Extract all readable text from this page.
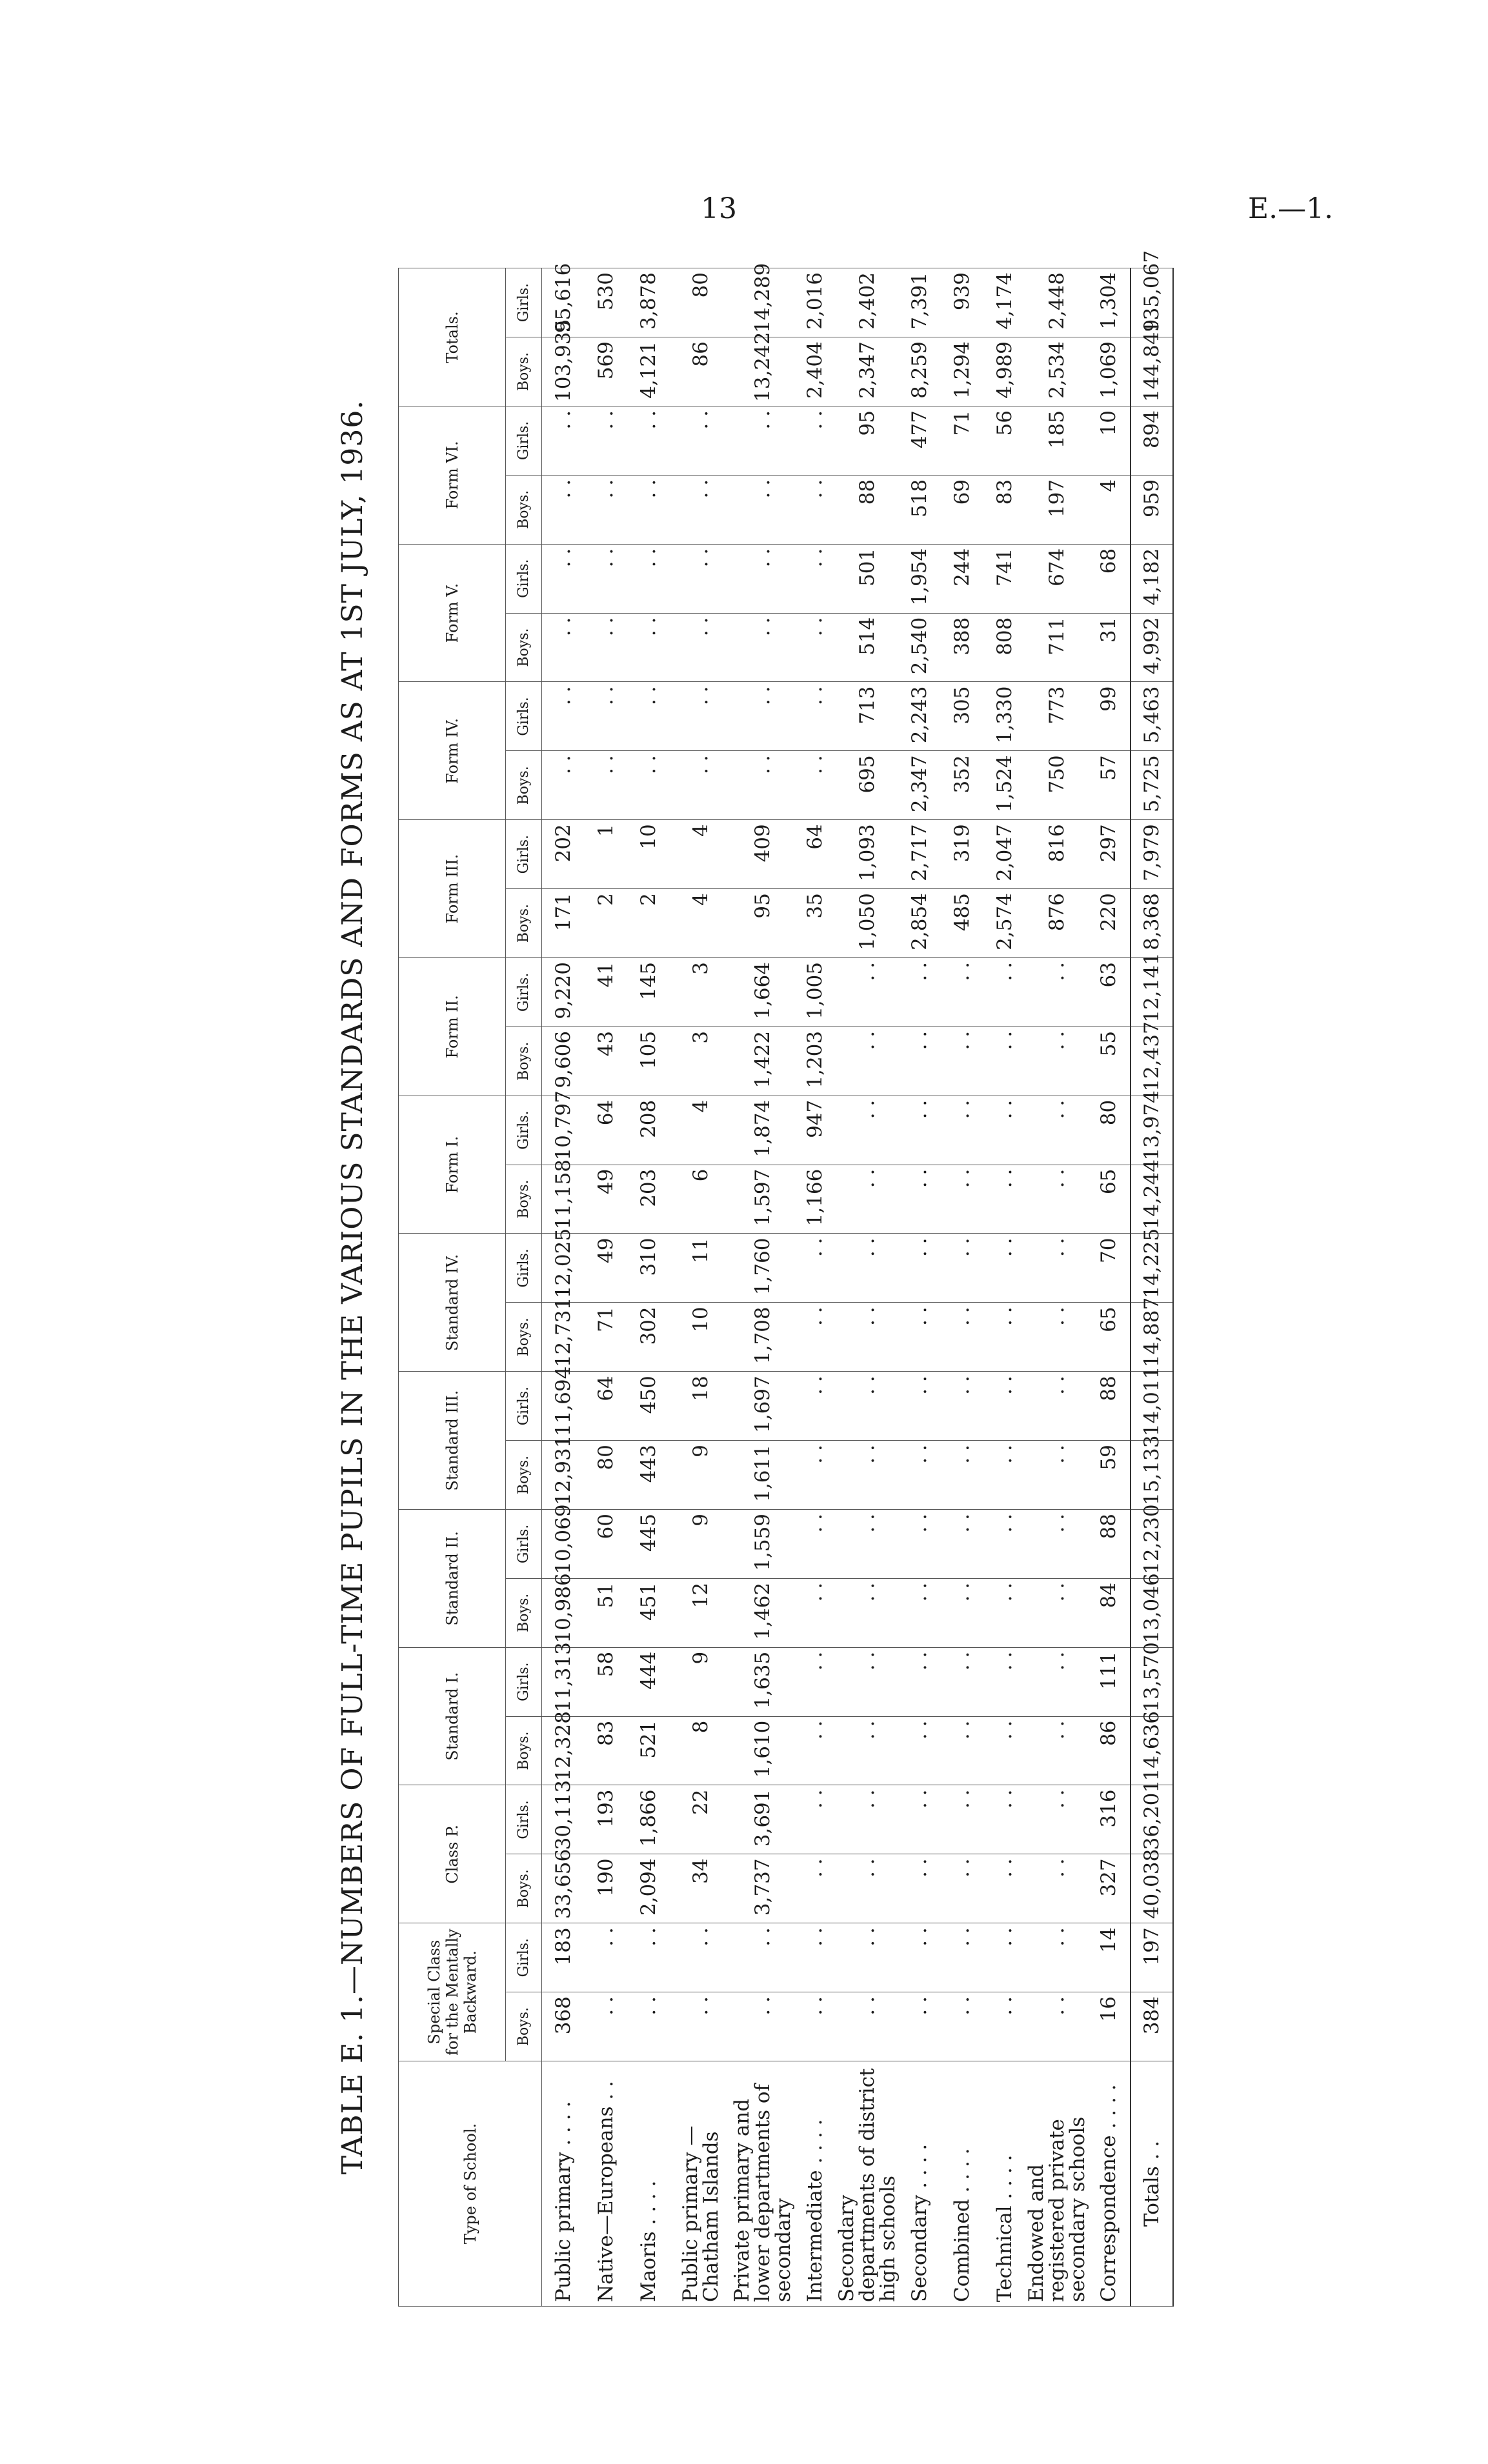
13	E.—1.
TABLE E. 1.—NUMBERS OF FULL-TIME PUPILS IN THE VARIOUS STANDARDS AND FORMS AS AT 1ST JULY, 1936.
Type of School.	Special Class for the Mentally Backward.		Class P.		Standard I.		Standard II.		Standard III.		Standard IV.		Form I.		Form II.		Form III.		Form IV.		Form V.		Form VI.		Totals.	
	Boys.	Girls.	Boys.	Girls.	Boys.	Girls.	Boys.	Girls.	Boys.	Girls.	Boys.	Girls.	Boys.	Girls.	Boys.	Girls.	Boys.	Girls.	Boys.	Girls.	Boys.	Girls.	Boys.	Girls.	Boys.	Girls.
Public primary . . . .	368	183	33,656	30,113	12,328	11,313	10,986	10,069	12,931	11,694	12,731	12,025	11,158	10,797	9,606	9,220	171	202	. .	. .	. .	. .	. .	. .	103,935	95,616
Native—Europeans . .	. .	. .	190	193	83	58	51	60	80	64	71	49	49	64	43	41	2	1	. .	. .	. .	. .	. .	. .	569	530
Maoris . . . .	. .	. .	2,094	1,866	521	444	451	445	443	450	302	310	203	208	105	145	2	10	. .	. .	. .	. .	. .	. .	4,121	3,878
Public primary — Chatham Islands	. .	. .	34	22	8	9	12	9	9	18	10	11	6	4	3	3	4	4	. .	. .	. .	. .	. .	. .	86	80
Private primary and lower departments of secondary	. .	. .	3,737	3,691	1,610	1,635	1,462	1,559	1,611	1,697	1,708	1,760	1,597	1,874	1,422	1,664	95	409	. .	. .	. .	. .	. .	. .	13,242	14,289
Intermediate . . . .	. .	. .	. .	. .	. .	. .	. .	. .	. .	. .	. .	. .	1,166	947	1,203	1,005	35	64	. .	. .	. .	. .	. .	. .	2,404	2,016
Secondary departments of district high schools	. .	. .	. .	. .	. .	. .	. .	. .	. .	. .	. .	. .	. .	. .	. .	. .	1,050	1,093	695	713	514	501	88	95	2,347	2,402
Secondary . . . .	. .	. .	. .	. .	. .	. .	. .	. .	. .	. .	. .	. .	. .	. .	. .	. .	2,854	2,717	2,347	2,243	2,540	1,954	518	477	8,259	7,391
Combined . . . .	. .	. .	. .	. .	. .	. .	. .	. .	. .	. .	. .	. .	. .	. .	. .	. .	485	319	352	305	388	244	69	71	1,294	939
Technical . . . .	. .	. .	. .	. .	. .	. .	. .	. .	. .	. .	. .	. .	. .	. .	. .	. .	2,574	2,047	1,524	1,330	808	741	83	56	4,989	4,174
Endowed and registered private secondary schools	. .	. .	. .	. .	. .	. .	. .	. .	. .	. .	. .	. .	. .	. .	. .	. .	876	816	750	773	711	674	197	185	2,534	2,448
Correspondence . . . .	16	14	327	316	86	111	84	88	59	88	65	70	65	80	55	63	220	297	57	99	31	68	4	10	1,069	1,304
Totals . .	384	197	40,038	36,201	14,636	13,570	13,046	12,230	15,133	14,011	14,887	14,225	14,244	13,974	12,437	12,141	8,368	7,979	5,725	5,463	4,992	4,182	959	894	144,849	135,067
